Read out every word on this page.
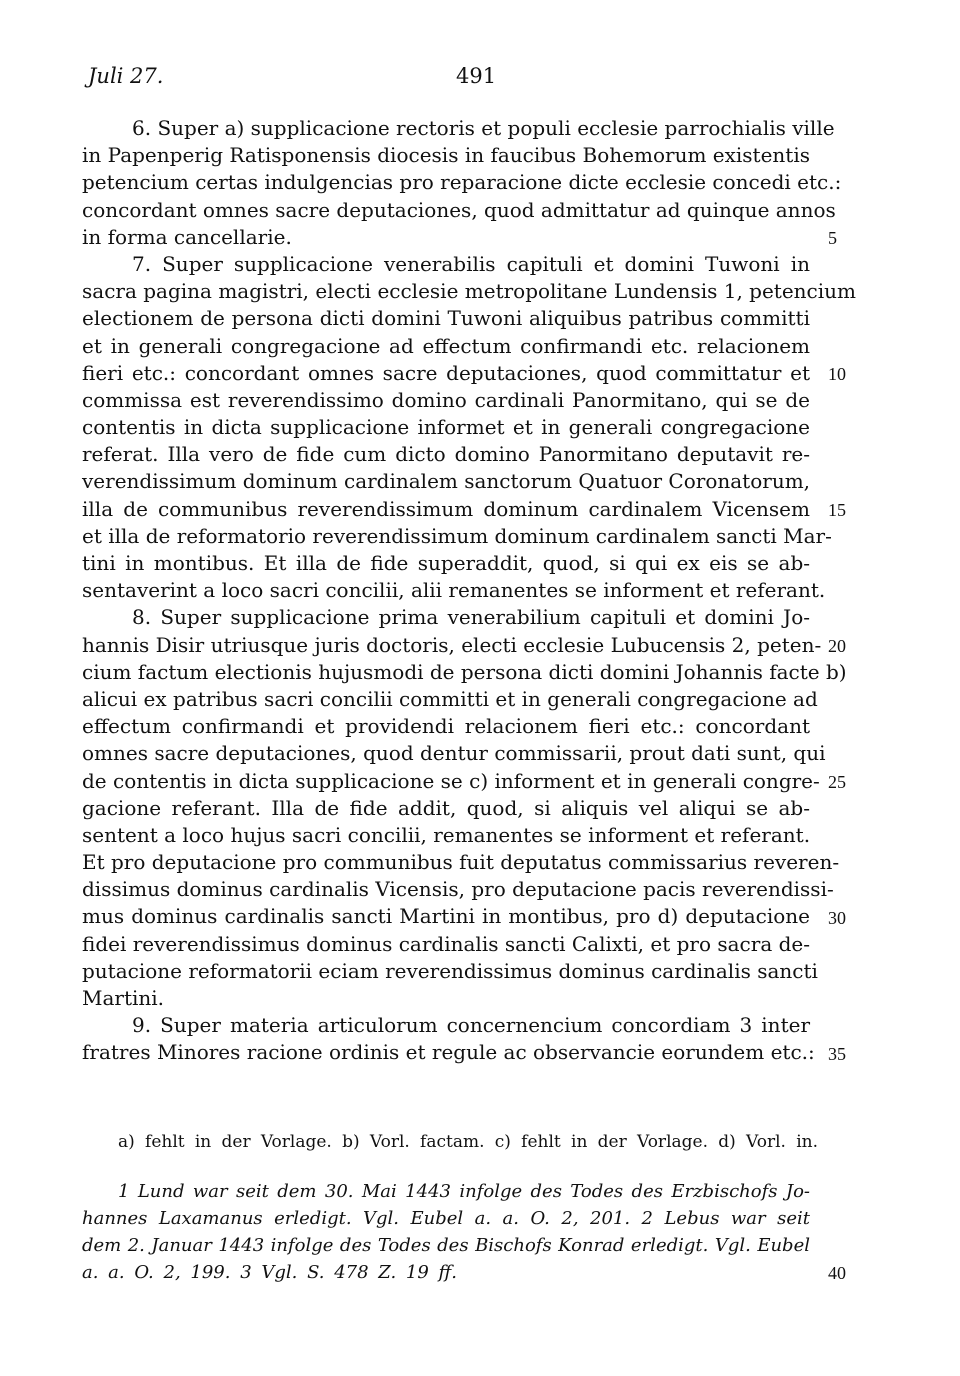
Juli 27.	491
6. Super a) supplicacione rectoris et populi ecclesie parrochialis ville
in Papenperig Ratisponensis diocesis in faucibus Bohemorum existentis
petencium certas indulgencias pro reparacione dicte ecclesie concedi etc.:
concordant omnes sacre deputaciones, quod admittatur ad quinque annos
in forma cancellarie.
7. Super supplicacione venerabilis capituli et domini Tuwoni in
sacra pagina magistri, electi ecclesie metropolitane Lundensis 1, petencium
electionem de persona dicti domini Tuwoni aliquibus patribus committi
et in generali congregacione ad effectum confirmandi etc. relacionem
fieri etc.: concordant omnes sacre deputaciones, quod committatur et
commissa est reverendissimo domino cardinali Panormitano, qui se de
contentis in dicta supplicacione informet et in generali congregacione
referat. Illa vero de fide cum dicto domino Panormitano deputavit re-
verendissimum dominum cardinalem sanctorum Quatuor Coronatorum,
illa de communibus reverendissimum dominum cardinalem Vicensem
et illa de reformatorio reverendissimum dominum cardinalem sancti Mar-
tini in montibus. Et illa de fide superaddit, quod, si qui ex eis se ab-
sentaverint a loco sacri concilii, alii remanentes se informent et referant.
8. Super supplicacione prima venerabilium capituli et domini Jo-
hannis Disir utriusque juris doctoris, electi ecclesie Lubucensis 2, peten-
cium factum electionis hujusmodi de persona dicti domini Johannis facte b)
alicui ex patribus sacri concilii committi et in generali congregacione ad
effectum confirmandi et providendi relacionem fieri etc.: concordant
omnes sacre deputaciones, quod dentur commissarii, prout dati sunt, qui
de contentis in dicta supplicacione se c) informent et in generali congre-
gacione referant. Illa de fide addit, quod, si aliquis vel aliqui se ab-
sentent a loco hujus sacri concilii, remanentes se informent et referant.
Et pro deputacione pro communibus fuit deputatus commissarius reveren-
dissimus dominus cardinalis Vicensis, pro deputacione pacis reverendissi-
mus dominus cardinalis sancti Martini in montibus, pro d) deputacione
fidei reverendissimus dominus cardinalis sancti Calixti, et pro sacra de-
putacione reformatorii eciam reverendissimus dominus cardinalis sancti
Martini.
9. Super materia articulorum concernencium concordiam 3 inter
fratres Minores racione ordinis et regule ac observancie eorundem etc.:
a) fehlt in der Vorlage. b) Vorl. factam. c) fehlt in der Vorlage. d) Vorl. in.
1 Lund war seit dem 30. Mai 1443 infolge des Todes des Erzbischofs Jo-
hannes Laxamanus erledigt. Vgl. Eubel a. a. O. 2, 201. 2 Lebus war seit
dem 2. Januar 1443 infolge des Todes des Bischofs Konrad erledigt. Vgl. Eubel
a. a. O. 2, 199. 3 Vgl. S. 478 Z. 19 ff.
5
10
15
20
25
30
35
40
